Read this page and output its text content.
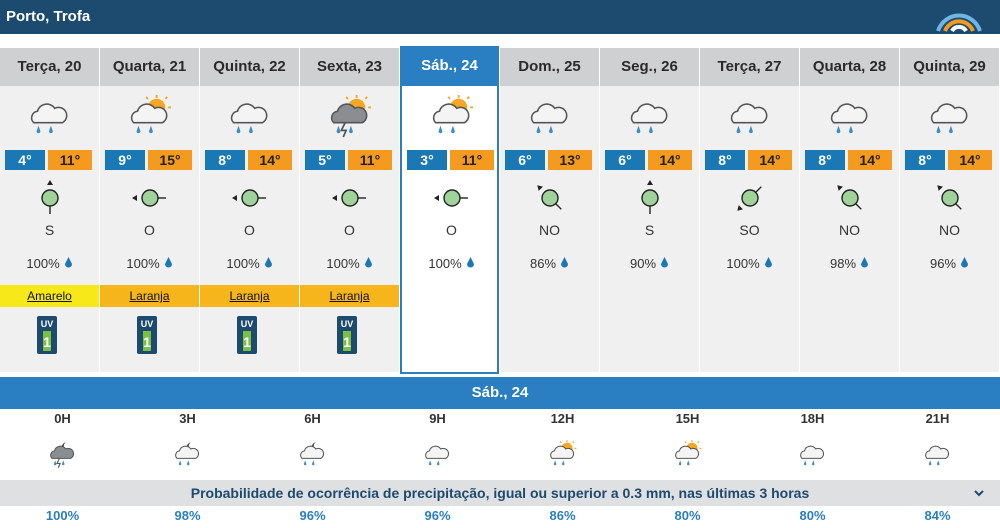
Porto, Trofa
Terça, 20
4°	11°
S
100%
Amarelo
UV
1
Quarta, 21
9°	15°
O
100%
Laranja
UV
1
Quinta, 22
8°	14°
O
100%
Laranja
UV
1
Sexta, 23
5°	11°
O
100%
Laranja
UV
1
Sáb., 24
3°	11°
O
100%
Dom., 25
6°	13°
NO
86%
Seg., 26
6°	14°
S
90%
Terça, 27
8°	14°
SO
100%
Quarta, 28
8°	14°
NO
98%
Quinta, 29
8°	14°
NO
96%
Sáb., 24
0H	3H	6H	9H	12H	15H	18H	21H
Probabilidade de ocorrência de precipitação, igual ou superior a 0.3 mm, nas últimas 3 horas
100%	98%	96%	96%	86%	80%	80%	84%
